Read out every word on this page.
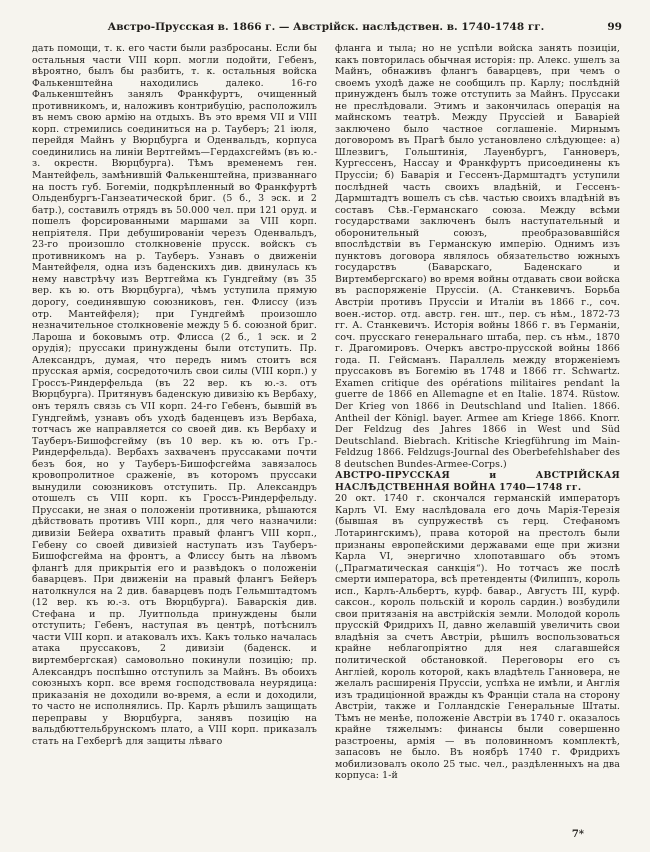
Австро-Прусская в. 1866 г. — Австрійск. наслѣдствен. в. 1740-1748 гг.	99

дать помощи, т. к. его части были разбросаны. Если бы остальныя части VIII корп. могли подойти, Гебенъ, вѣроятно, былъ бы разбитъ, т. к. остальныя войска Фалькенштейна находились далеко. 16-го Фалькенштейнъ занялъ Франкфуртъ, очищенный противникомъ, и, наложивъ контрибуцію, расположилъ въ немъ свою армію на отдыхъ. Въ это время VII и VIII корп. стремились соединиться на р. Тауберъ; 21 іюля, перейдя Майнъ у Вюрцбурга и Оденвальдъ, корпуса соединились на линіи Вертгеймъ—Гердахсгеймъ (въ ю.-з. окрестн. Вюрцбурга). Тѣмъ временемъ ген. Мантейфель, замѣнившій Фалькенштейна, призваннаго на постъ губ. Богеміи, подкрѣпленный во Франкфуртѣ Ольденбургъ-Ганзеатической бриг. (5 б., 3 эск. и 2 батр.), составилъ отрядъ въ 50.000 чел. при 121 оруд. и пошелъ форсированными маршами за VIII корп. непріятеля. При дебушированіи черезъ Оденвальдъ, 23-го произошло столкновеніе прусск. войскъ съ противникомъ на р. Тауберъ. Узнавъ о движеніи Мантейфеля, одна изъ баденскихъ див. двинулась къ нему навстрѣчу изъ Вертгейма къ Гундгейму (въ 35 вер. къ ю. отъ Вюрцбурга), чѣмъ уступила прямую дорогу, соединявшую союзниковъ, ген. Флиссу (изъ отр. Мантейфеля); при Гундгеймѣ произошло незначительное столкновеніе между 5 б. союзной бриг. Лароша и боковымъ отр. Флисса (2 б., 1 эск. и 2 орудія); пруссаки принуждены были отступить. Пр. Александръ, думая, что передъ нимъ стоитъ вся прусская армія, сосредоточилъ свои силы (VIII корп.) у Гроссъ-Риндерфельда (въ 22 вер. къ ю.-з. отъ Вюрцбурга). Притянувъ баденскую дивизію къ Вербаху, онъ терялъ связь съ VII корп. 24-го Гебенъ, бывшій въ Гундгеймѣ, узнавъ объ уходѣ баденцевъ изъ Вербаха, тотчасъ же направляется со своей див. къ Вербаху и Тауберъ-Бишофсгейму (въ 10 вер. къ ю. отъ Гр.-Риндерфельда). Вербахъ захваченъ пруссаками почти безъ боя, но у Тауберъ-Бишофсгейма завязалось кровопролитное сраженіе, въ которомъ пруссаки вынудили союзниковъ отступить. Пр. Александръ отошелъ съ VIII корп. къ Гроссъ-Риндерфельду. Пруссаки, не зная о положеніи противника, рѣшаются дѣйствовать противъ VIII корп., для чего назначили: дивизіи Бейера охватить правый флангъ VIII корп., Гебену со своей дивизіей наступать изъ Тауберъ-Бишофсгейма на фронтъ, а Флиссу быть на лѣвомъ флангѣ для прикрытія его и развѣдокъ о положеніи баварцевъ. При движеніи на правый флангъ Бейеръ натолкнулся на 2 див. баварцевъ подъ Гельмштадтомъ (12 вер. къ ю.-з. отъ Вюрцбурга). Баварскія див. Стефана и пр. Луитпольда принуждены были отступить; Гебенъ, наступая въ центрѣ, потѣснилъ части VIII корп. и атаковалъ ихъ. Какъ только началась атака пруссаковъ, 2 дивизіи (баденск. и виртембергская) самовольно покинули позицію; пр. Александръ поспѣшно отступилъ за Майнъ. Въ обоихъ союзныхъ корп. все время господствовала неурядица: приказанія не доходили во-время, а если и доходили, то часто не исполнялись. Пр. Карлъ рѣшилъ защищать переправы у Вюрцбурга, занявъ позицію на вальдбюттельбрунскомъ плато, а VIII корп. приказалъ стать на Гехбергѣ для защиты лѣваго

фланга и тыла; но не успѣли войска занять позиціи, какъ повторилась обычная исторія: пр. Алекс. ушелъ за Майнъ, обнаживъ флангъ баварцевъ, при чемъ о своемъ уходѣ даже не сообщилъ пр. Карлу; послѣдній принужденъ былъ тоже отступить за Майнъ. Пруссаки не преслѣдовали. Этимъ и закончилась операція на майнскомъ театрѣ. Между Пруссіей и Баваріей заключено было частное соглашеніе. Мирнымъ договоромъ въ Прагѣ было установлено слѣдующее: а) Шлезвигъ, Гольштинія, Лауенбургъ, Ганноверъ, Кургессенъ, Нассау и Франкфуртъ присоединены къ Пруссіи; б) Баварія и Гессенъ-Дармштадтъ уступили послѣдней часть своихъ владѣній, и Гессенъ-Дармштадтъ вошелъ съ сѣв. частью своихъ владѣній въ составъ Сѣв.-Германскаго союза. Между всѣми государствами заключенъ былъ наступательный и оборонительный союзъ, преобразовавшійся впослѣдствіи въ Германскую имперію. Однимъ изъ пунктовъ договора являлось обязательство южныхъ государствъ (Баварскаго, Баденскаго и Виртембергскаго) во время войны отдавать свои войска въ распоряженіе Пруссіи. (А. Станкевичъ. Борьба Австріи противъ Пруссіи и Италіи въ 1866 г., соч. воен.-истор. отд. австр. ген. шт., пер. съ нѣм., 1872-73 гг. А. Станкевичъ. Исторія войны 1866 г. въ Германіи, соч. прусскаго генеральнаго штаба, пер. съ нѣм., 1870 г. Драгомировъ. Очеркъ австро-прусской войны 1866 года. П. Гейсманъ. Параллель между вторженіемъ пруссаковъ въ Богемію въ 1748 и 1866 гг. Schwartz. Examen critique des opérations militaires pendant la guerre de 1866 en Allemagne et en Italie. 1874. Rüstow. Der Krieg von 1866 in Deutschland und Italien. 1866. Antheil der Königl. bayer. Armee am Kriege 1866. Knorr. Der Feldzug des Jahres 1866 in West und Süd Deutschland. Biebrach. Kritische Kriegführung im Main-Feldzug 1866. Feldzugs-Journal des Oberbefehlshaber des 8 deutschen Bundes-Armee-Corps.)

АВСТРО-ПРУССКАЯ и АВСТРІЙСКАЯ НАСЛѢДСТВЕННАЯ ВОЙНА 1740—1748 гг.

20 окт. 1740 г. скончался германскій императоръ Карлъ VI. Ему наслѣдовала его дочь Марія-Терезія (бывшая въ супружествѣ съ герц. Стефаномъ Лотарингскимъ), права которой на престолъ были признаны европейскими державами еще при жизни Карла VI, энергично хлопотавшаго объ этомъ („Прагматическая санкція“). Но тотчасъ же послѣ смерти императора, всѣ претенденты (Филиппъ, король исп., Карлъ-Альбертъ, курф. бавар., Августъ III, курф. саксон., король польскій и король сардин.) возбудили свои притязанія на австрійскія земли. Молодой король прусскій Фридрихъ II, давно желавшій увеличить свои владѣнія за счетъ Австріи, рѣшилъ воспользоваться крайне неблагопріятно для нея слагавшейся политической обстановкой. Переговоры его съ Англіей, король которой, какъ владѣтель Ганновера, не желалъ расширенія Пруссіи, успѣха не имѣли, и Англія изъ традиціонной вражды къ Франціи стала на сторону Австріи, также и Голландскіе Генеральные Штаты. Тѣмъ не менѣе, положеніе Австріи въ 1740 г. оказалось крайне тяжелымъ: финансы были совершенно разстроены, армія — въ половинномъ комплектѣ, запасовъ не было. Въ ноябрѣ 1740 г. Фридрихъ мобилизовалъ около 25 тыс. чел., раздѣленныхъ на два корпуса: 1-й

7*
